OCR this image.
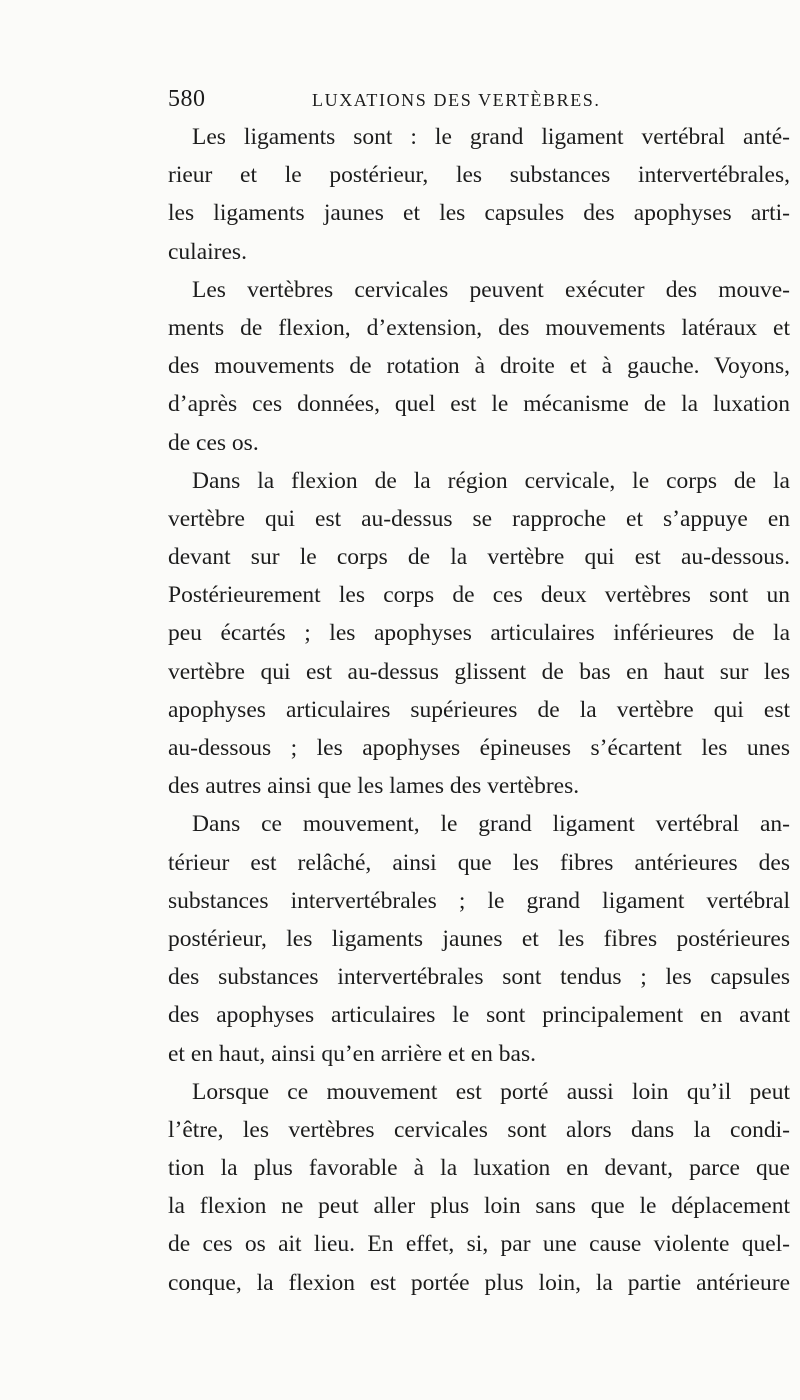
580	LUXATIONS DES VERTÈBRES.
Les ligaments sont : le grand ligament vertébral anté-
rieur et le postérieur, les substances intervertébrales,
les ligaments jaunes et les capsules des apophyses arti-
culaires.
Les vertèbres cervicales peuvent exécuter des mouve-
ments de flexion, d’extension, des mouvements latéraux et
des mouvements de rotation à droite et à gauche. Voyons,
d’après ces données, quel est le mécanisme de la luxation
de ces os.
Dans la flexion de la région cervicale, le corps de la
vertèbre qui est au-dessus se rapproche et s’appuye en
devant sur le corps de la vertèbre qui est au-dessous.
Postérieurement les corps de ces deux vertèbres sont un
peu écartés ; les apophyses articulaires inférieures de la
vertèbre qui est au-dessus glissent de bas en haut sur les
apophyses articulaires supérieures de la vertèbre qui est
au-dessous ; les apophyses épineuses s’écartent les unes
des autres ainsi que les lames des vertèbres.
Dans ce mouvement, le grand ligament vertébral an-
térieur est relâché, ainsi que les fibres antérieures des
substances intervertébrales ; le grand ligament vertébral
postérieur, les ligaments jaunes et les fibres postérieures
des substances intervertébrales sont tendus ; les capsules
des apophyses articulaires le sont principalement en avant
et en haut, ainsi qu’en arrière et en bas.
Lorsque ce mouvement est porté aussi loin qu’il peut
l’être, les vertèbres cervicales sont alors dans la condi-
tion la plus favorable à la luxation en devant, parce que
la flexion ne peut aller plus loin sans que le déplacement
de ces os ait lieu. En effet, si, par une cause violente quel-
conque, la flexion est portée plus loin, la partie antérieure
